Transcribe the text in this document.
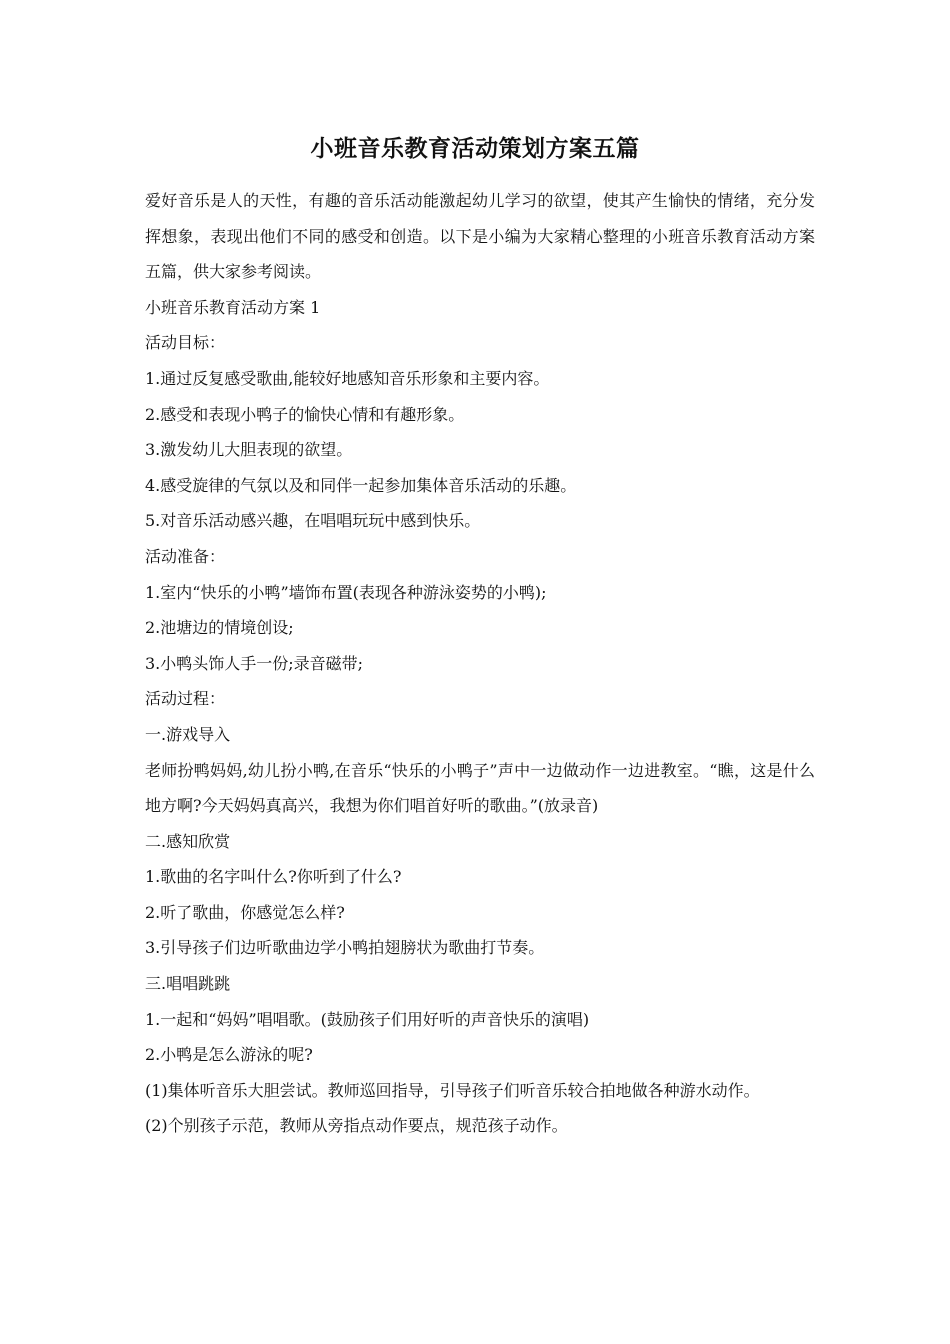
小班音乐教育活动策划方案五篇

爱好音乐是人的天性，有趣的音乐活动能激起幼儿学习的欲望，使其产生愉快的情绪，充分发挥想象，表现出他们不同的感受和创造。以下是小编为大家精心整理的小班音乐教育活动方案五篇，供大家参考阅读。

小班音乐教育活动方案 1

活动目标：

1.通过反复感受歌曲,能较好地感知音乐形象和主要内容。

2.感受和表现小鸭子的愉快心情和有趣形象。

3.激发幼儿大胆表现的欲望。

4.感受旋律的气氛以及和同伴一起参加集体音乐活动的乐趣。

5.对音乐活动感兴趣，在唱唱玩玩中感到快乐。

活动准备：

1.室内“快乐的小鸭”墙饰布置(表现各种游泳姿势的小鸭);

2.池塘边的情境创设;

3.小鸭头饰人手一份;录音磁带;

活动过程：

一.游戏导入

老师扮鸭妈妈,幼儿扮小鸭,在音乐“快乐的小鸭子”声中一边做动作一边进教室。“瞧，这是什么地方啊?今天妈妈真高兴，我想为你们唱首好听的歌曲。”(放录音)

二.感知欣赏

1.歌曲的名字叫什么?你听到了什么?

2.听了歌曲，你感觉怎么样?

3.引导孩子们边听歌曲边学小鸭拍翅膀状为歌曲打节奏。

三.唱唱跳跳

1.一起和“妈妈”唱唱歌。(鼓励孩子们用好听的声音快乐的演唱)

2.小鸭是怎么游泳的呢?

(1)集体听音乐大胆尝试。教师巡回指导，引导孩子们听音乐较合拍地做各种游水动作。

(2)个别孩子示范，教师从旁指点动作要点，规范孩子动作。
